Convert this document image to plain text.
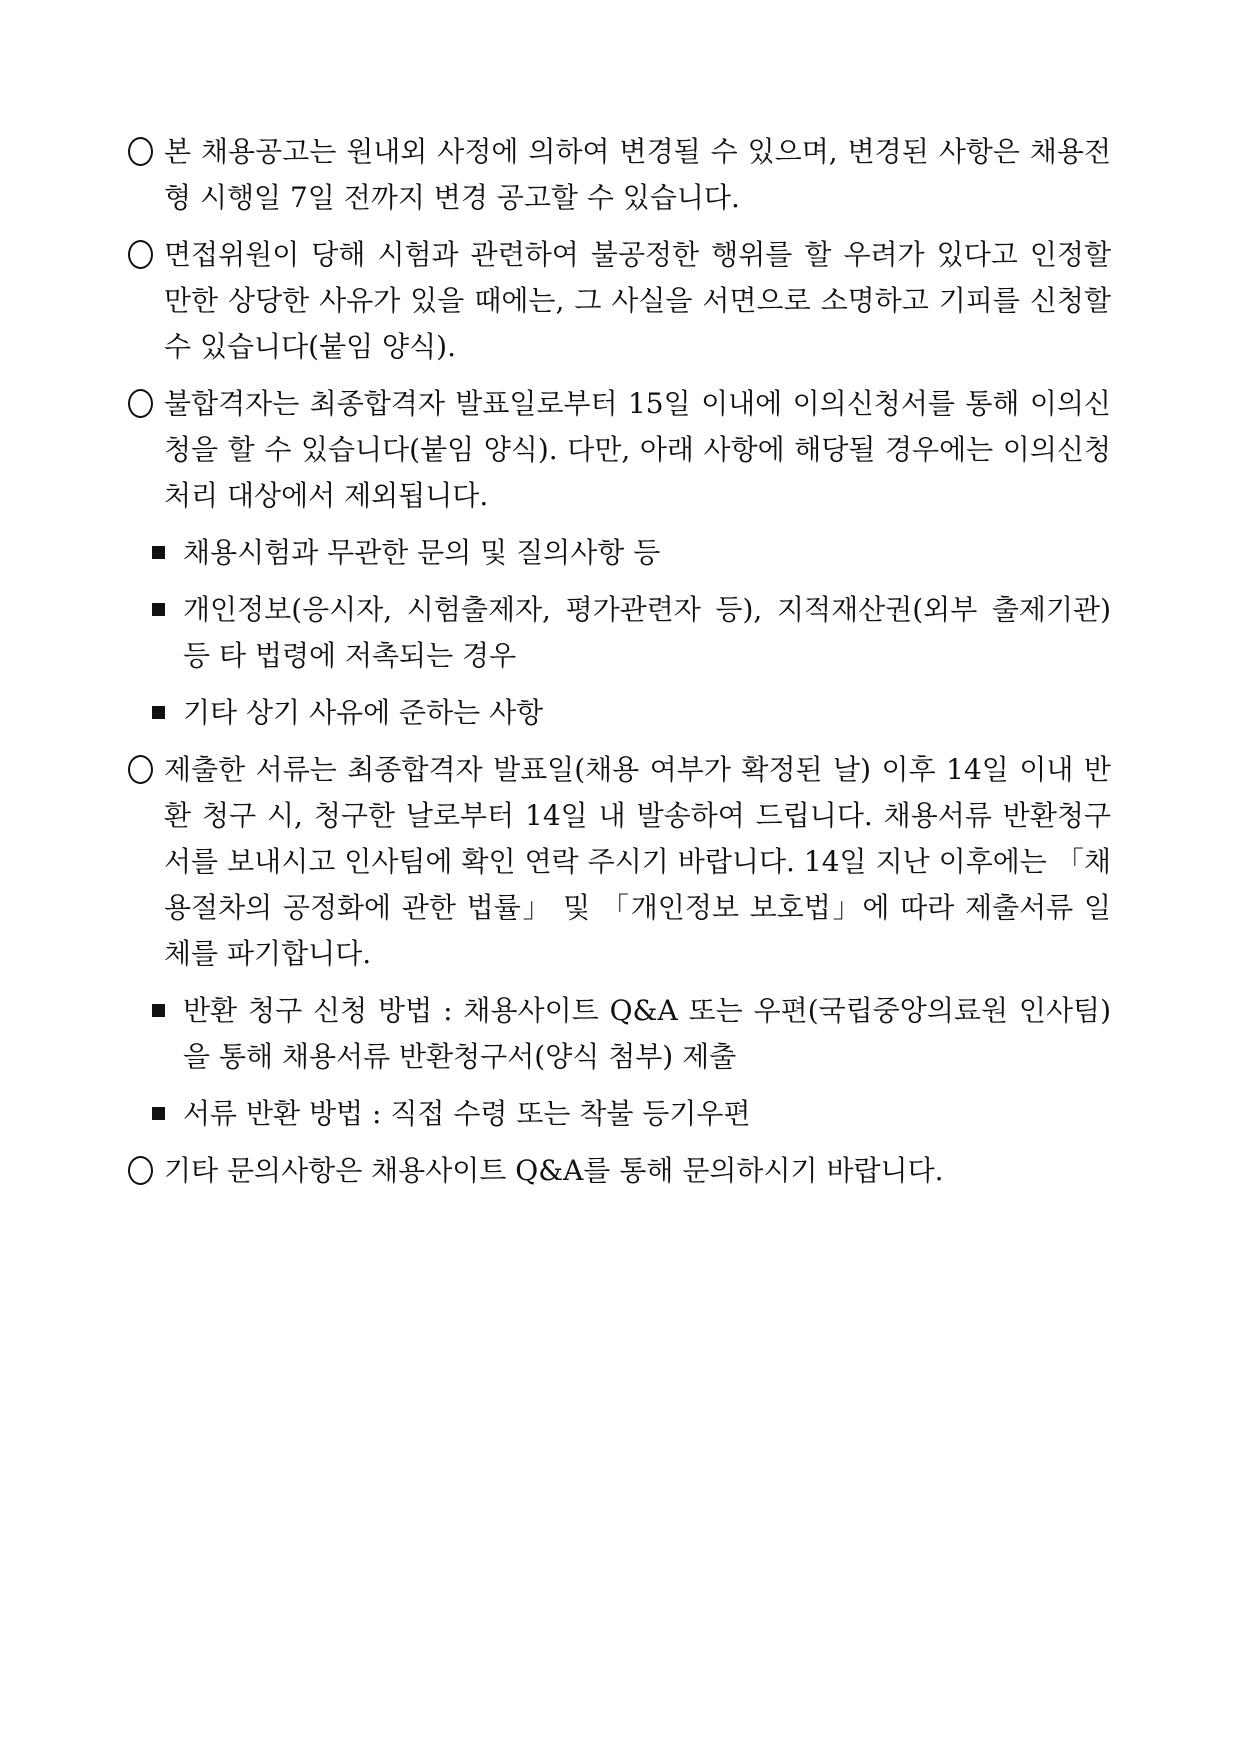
본 채용공고는 원내외 사정에 의하여 변경될 수 있으며, 변경된 사항은 채용전형 시행일 7일 전까지 변경 공고할 수 있습니다.
면접위원이 당해 시험과 관련하여 불공정한 행위를 할 우려가 있다고 인정할 만한 상당한 사유가 있을 때에는, 그 사실을 서면으로 소명하고 기피를 신청할 수 있습니다(붙임 양식).
불합격자는 최종합격자 발표일로부터 15일 이내에 이의신청서를 통해 이의신청을 할 수 있습니다(붙임 양식). 다만, 아래 사항에 해당될 경우에는 이의신청 처리 대상에서 제외됩니다.
채용시험과 무관한 문의 및 질의사항 등
개인정보(응시자, 시험출제자, 평가관련자 등), 지적재산권(외부 출제기관) 등 타 법령에 저촉되는 경우
기타 상기 사유에 준하는 사항
제출한 서류는 최종합격자 발표일(채용 여부가 확정된 날) 이후 14일 이내 반환 청구 시, 청구한 날로부터 14일 내 발송하여 드립니다. 채용서류 반환청구서를 보내시고 인사팀에 확인 연락 주시기 바랍니다. 14일 지난 이후에는 「채용절차의 공정화에 관한 법률」 및 「개인정보 보호법」에 따라 제출서류 일체를 파기합니다.
반환 청구 신청 방법 : 채용사이트 Q&A 또는 우편(국립중앙의료원 인사팀)을 통해 채용서류 반환청구서(양식 첨부) 제출
서류 반환 방법 : 직접 수령 또는 착불 등기우편
기타 문의사항은 채용사이트 Q&A를 통해 문의하시기 바랍니다.
